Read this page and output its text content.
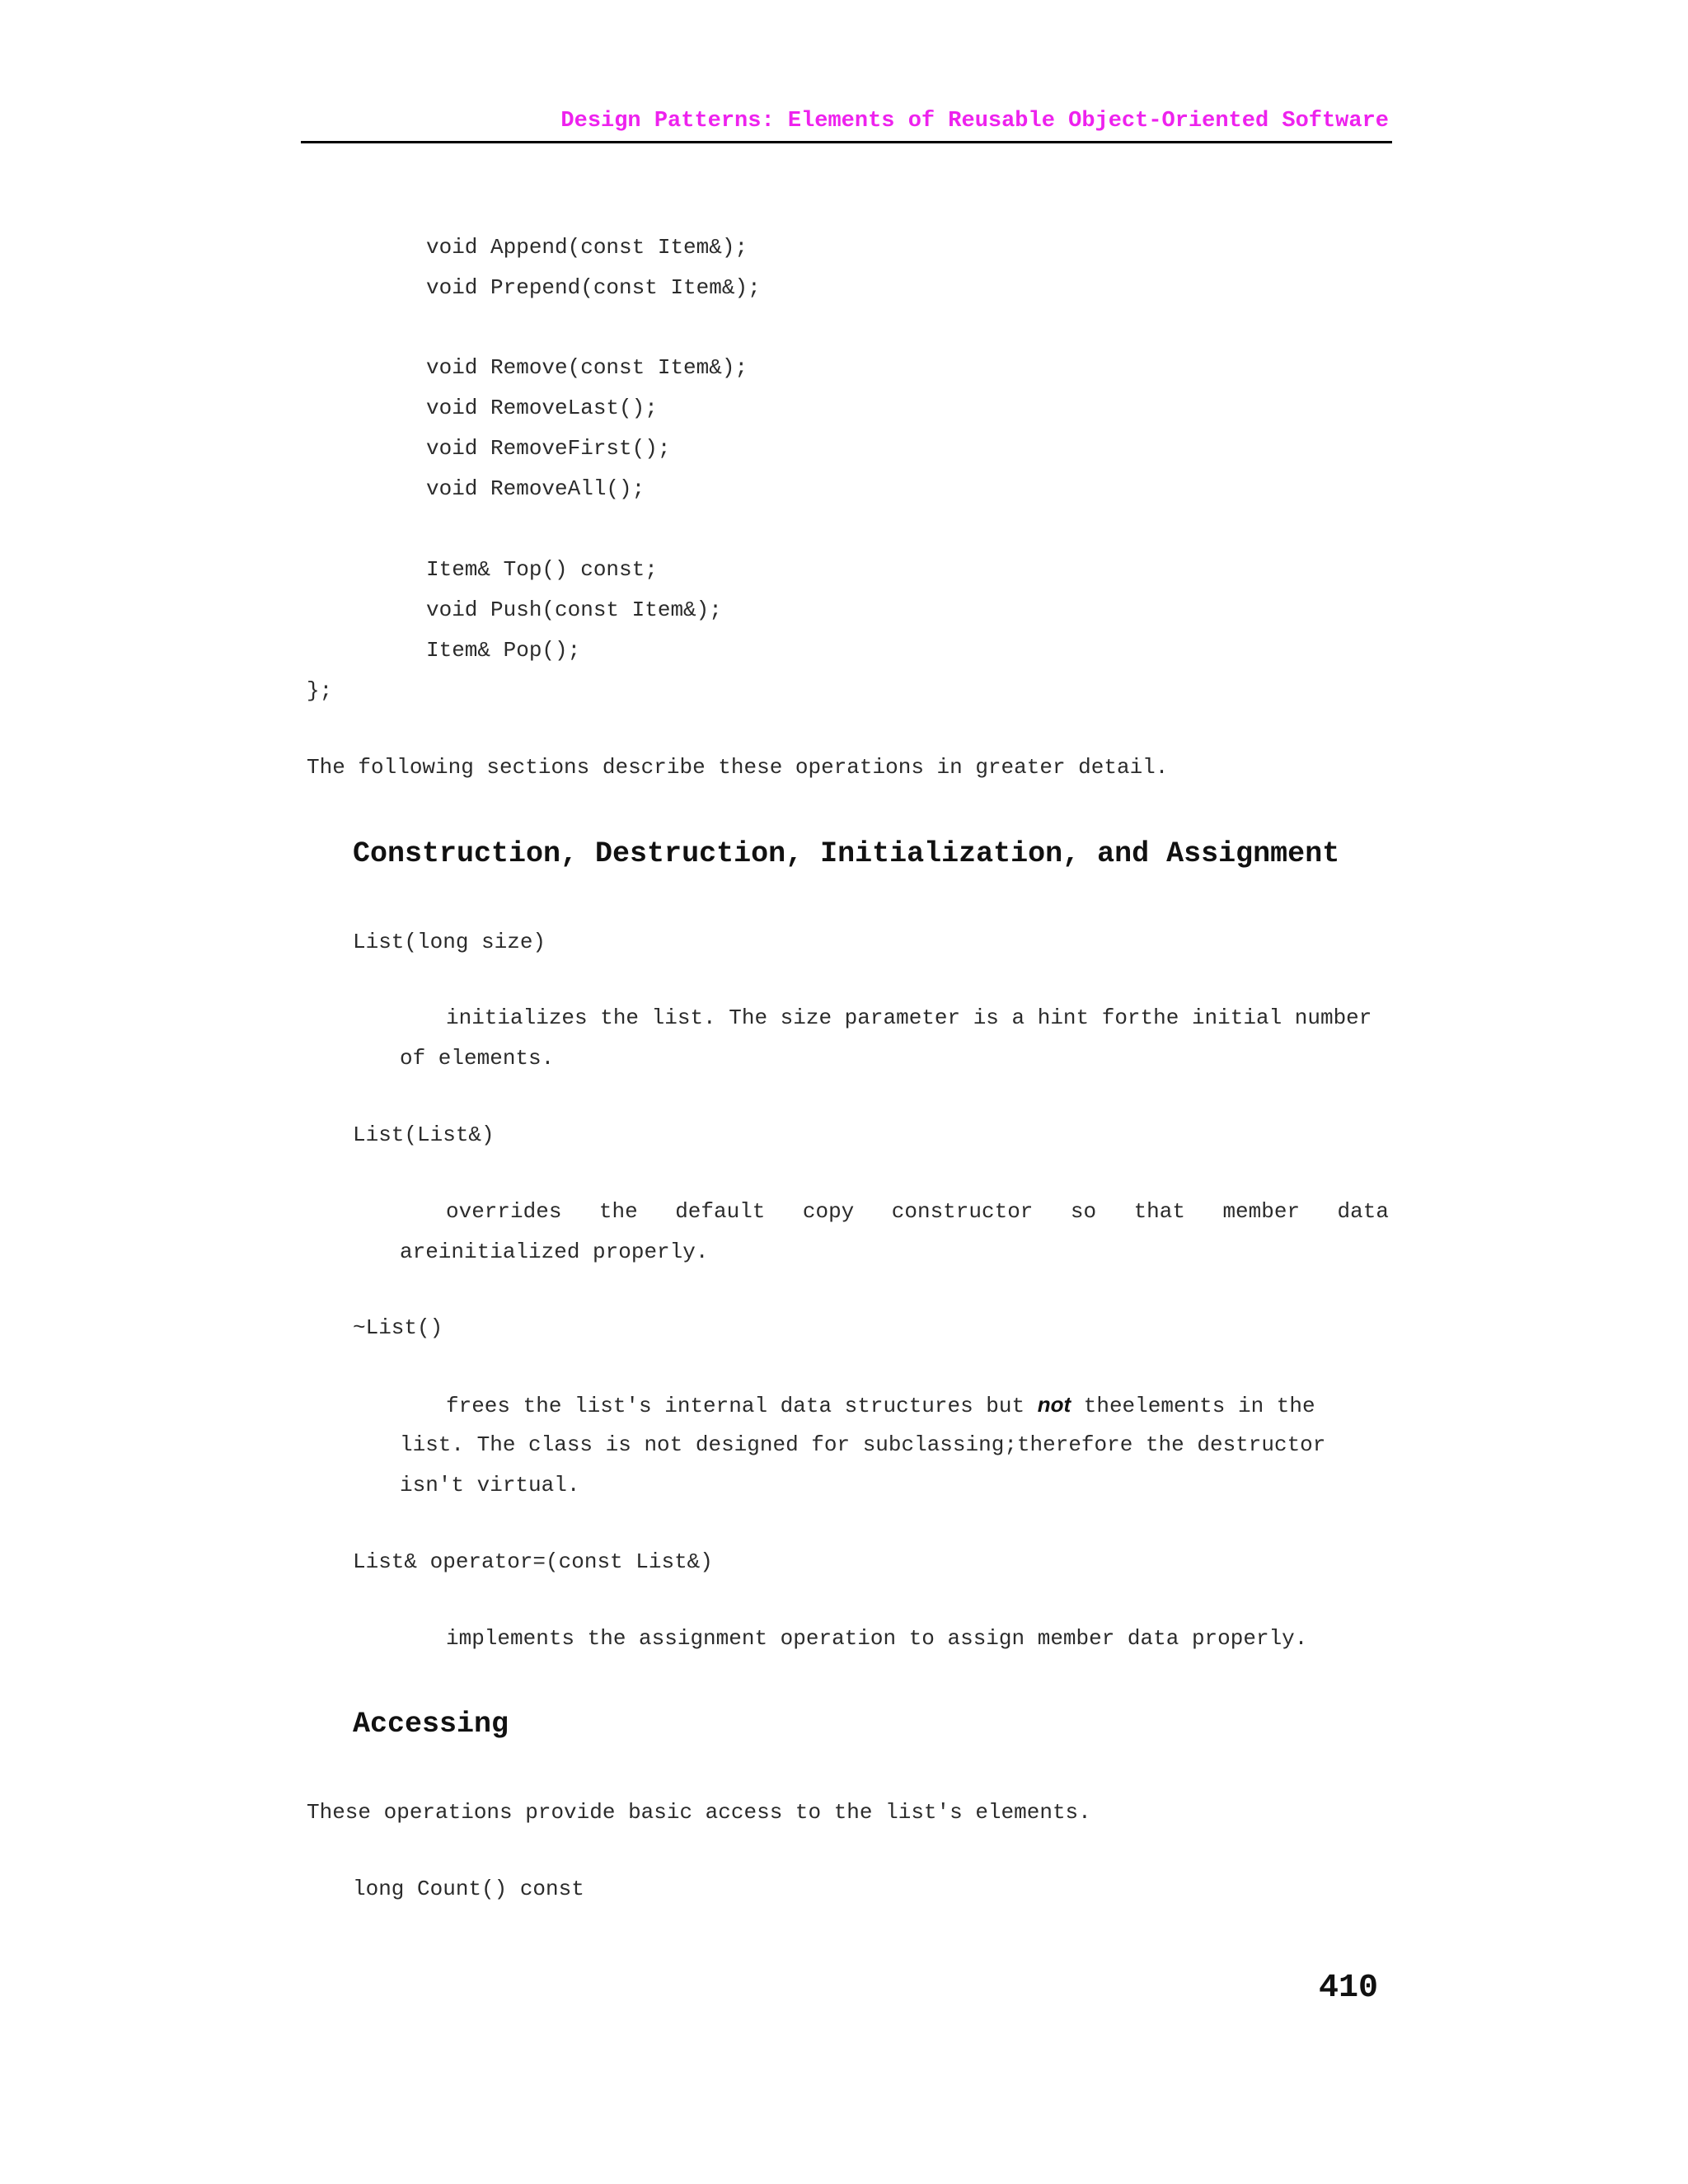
Design Patterns: Elements of Reusable Object-Oriented Software
void Append(const Item&);
void Prepend(const Item&);
void Remove(const Item&);
void RemoveLast();
void RemoveFirst();
void RemoveAll();
Item& Top() const;
void Push(const Item&);
Item& Pop();
};
The following sections describe these operations in greater detail.
Construction, Destruction, Initialization, and Assignment
List(long size)
initializes the list. The size parameter is a hint forthe initial number
of elements.
List(List&)
overrides the default copy constructor so that member data
areinitialized properly.
~List()
frees the list's internal data structures but not theelements in the
list. The class is not designed for subclassing;therefore the destructor
isn't virtual.
List& operator=(const List&)
implements the assignment operation to assign member data properly.
Accessing
These operations provide basic access to the list's elements.
long Count() const
410
